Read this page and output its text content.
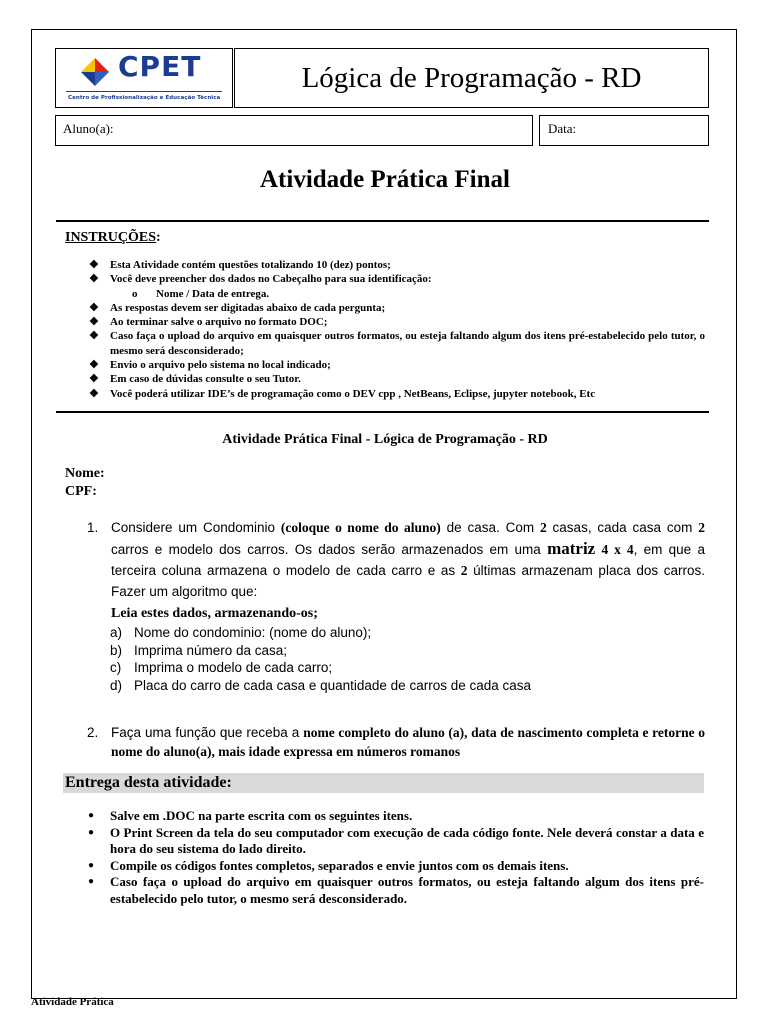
CPET
Centro de Profissionalização e Educação Técnica
Lógica de Programação - RD
Aluno(a):	Data:
Atividade Prática Final
INSTRUÇÕES:
❖ Esta Atividade contém questões totalizando 10 (dez) pontos;
❖ Você deve preencher dos dados no Cabeçalho para sua identificação:
o Nome / Data de entrega.
❖ As respostas devem ser digitadas abaixo de cada pergunta;
❖ Ao terminar salve o arquivo no formato DOC;
❖ Caso faça o upload do arquivo em quaisquer outros formatos, ou esteja faltando algum dos itens pré-estabelecido pelo tutor, o mesmo será desconsiderado;
❖ Envio o arquivo pelo sistema no local indicado;
❖ Em caso de dúvidas consulte o seu Tutor.
❖ Você poderá utilizar IDE’s de programação como o DEV cpp , NetBeans, Eclipse, jupyter notebook, Etc
Atividade Prática Final - Lógica de Programação - RD
Nome:
CPF:
1. Considere um Condominio (coloque o nome do aluno) de casa. Com 2 casas, cada casa com 2 carros e modelo dos carros. Os dados serão armazenados em uma matriz 4 x 4, em que a terceira coluna armazena o modelo de cada carro e as 2 últimas armazenam placa dos carros. Fazer um algoritmo que:
Leia estes dados, armazenando-os;
a) Nome do condominio: (nome do aluno);
b) Imprima número da casa;
c) Imprima o modelo de cada carro;
d) Placa do carro de cada casa e quantidade de carros de cada casa
2. Faça uma função que receba a nome completo do aluno (a), data de nascimento completa e retorne o nome do aluno(a), mais idade expressa em números romanos
Entrega desta atividade:
● Salve em .DOC na parte escrita com os seguintes itens.
● O Print Screen da tela do seu computador com execução de cada código fonte. Nele deverá constar a data e hora do seu sistema do lado direito.
● Compile os códigos fontes completos, separados e envie juntos com os demais itens.
● Caso faça o upload do arquivo em quaisquer outros formatos, ou esteja faltando algum dos itens pré-estabelecido pelo tutor, o mesmo será desconsiderado.
Atividade Prática
